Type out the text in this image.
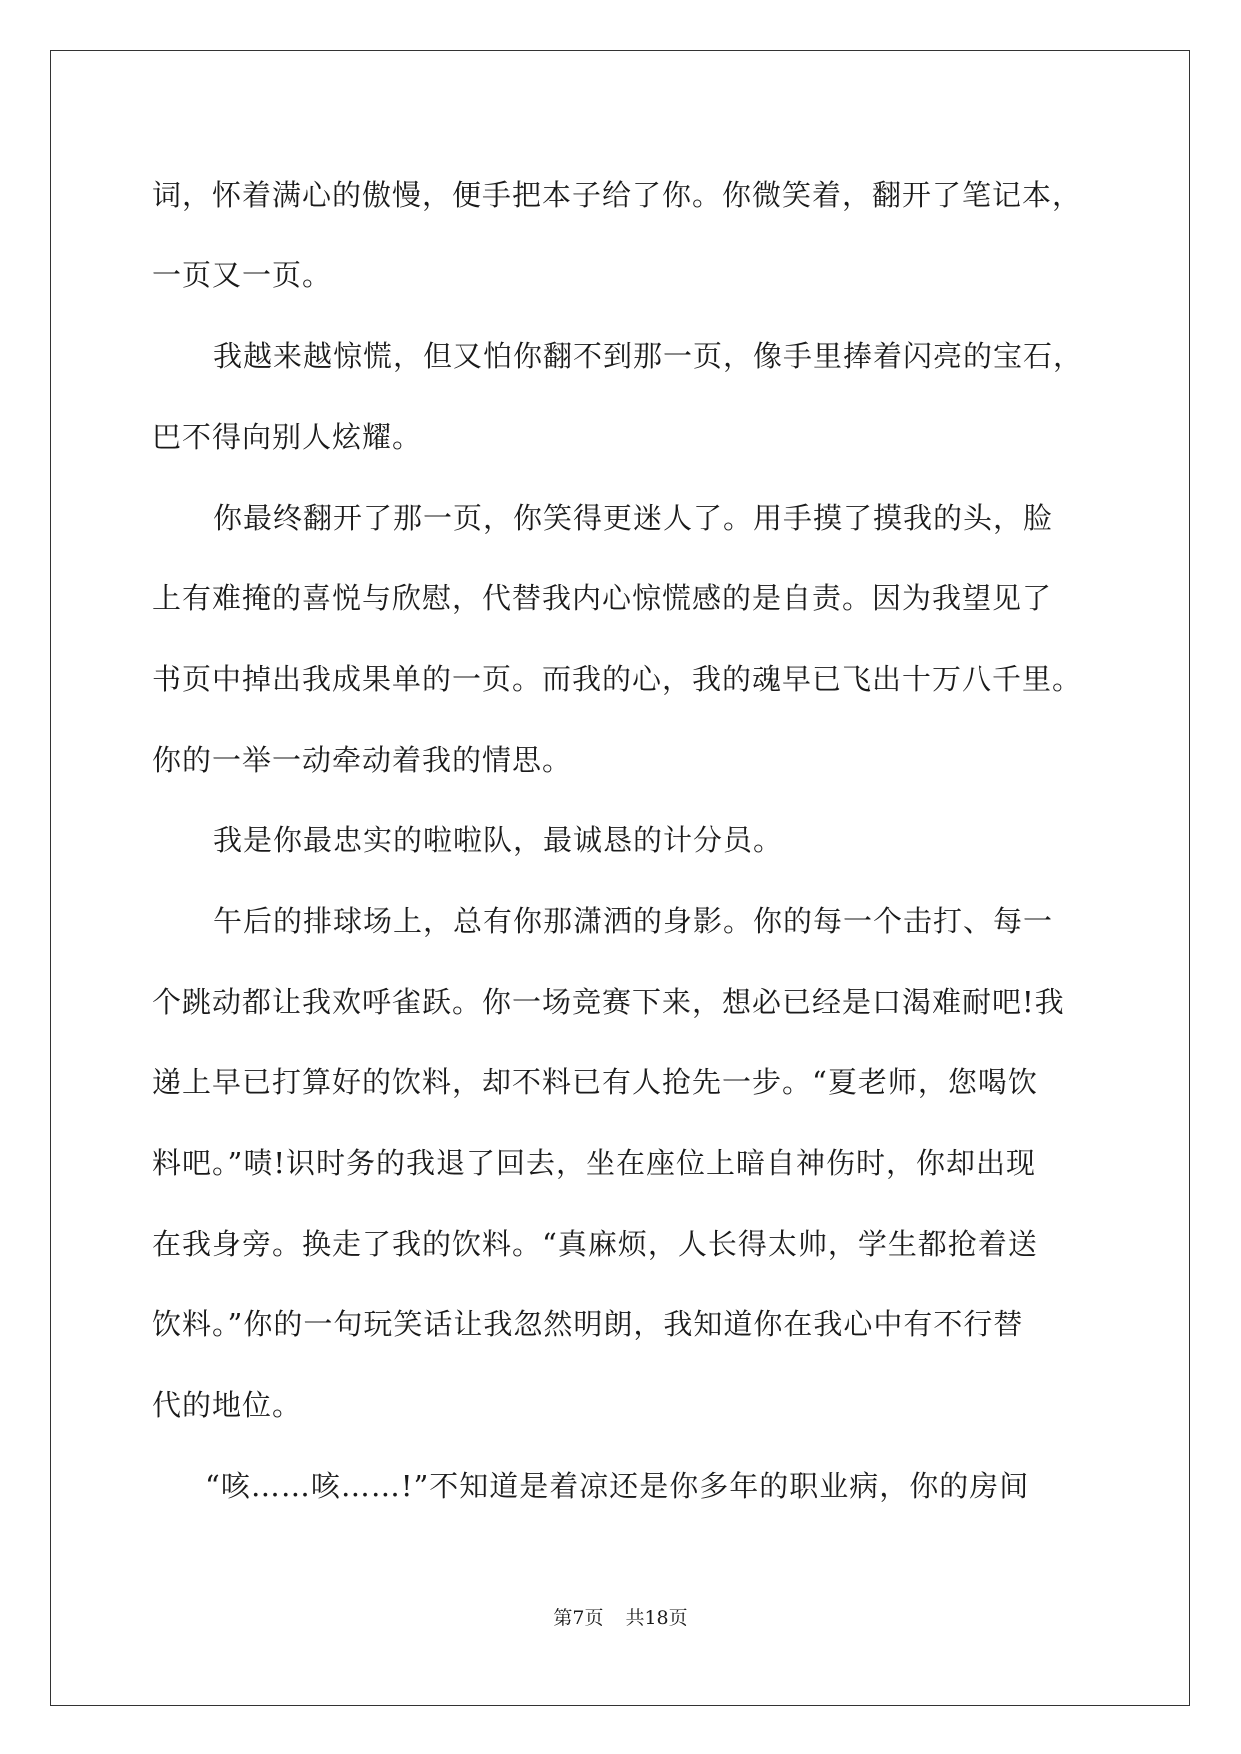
词，怀着满心的傲慢，便手把本子给了你。你微笑着，翻开了笔记本，
一页又一页。
我越来越惊慌，但又怕你翻不到那一页，像手里捧着闪亮的宝石，
巴不得向别人炫耀。
你最终翻开了那一页，你笑得更迷人了。用手摸了摸我的头，脸
上有难掩的喜悦与欣慰，代替我内心惊慌感的是自责。因为我望见了
书页中掉出我成果单的一页。而我的心，我的魂早已飞出十万八千里。
你的一举一动牵动着我的情思。
我是你最忠实的啦啦队，最诚恳的计分员。
午后的排球场上，总有你那潇洒的身影。你的每一个击打、每一
个跳动都让我欢呼雀跃。你一场竞赛下来，想必已经是口渴难耐吧!我
递上早已打算好的饮料，却不料已有人抢先一步。“夏老师，您喝饮
料吧。”啧!识时务的我退了回去，坐在座位上暗自神伤时，你却出现
在我身旁。换走了我的饮料。“真麻烦，人长得太帅，学生都抢着送
饮料。”你的一句玩笑话让我忽然明朗，我知道你在我心中有不行替
代的地位。
“咳……咳……!”不知道是着凉还是你多年的职业病，你的房间
第7页 共18页
